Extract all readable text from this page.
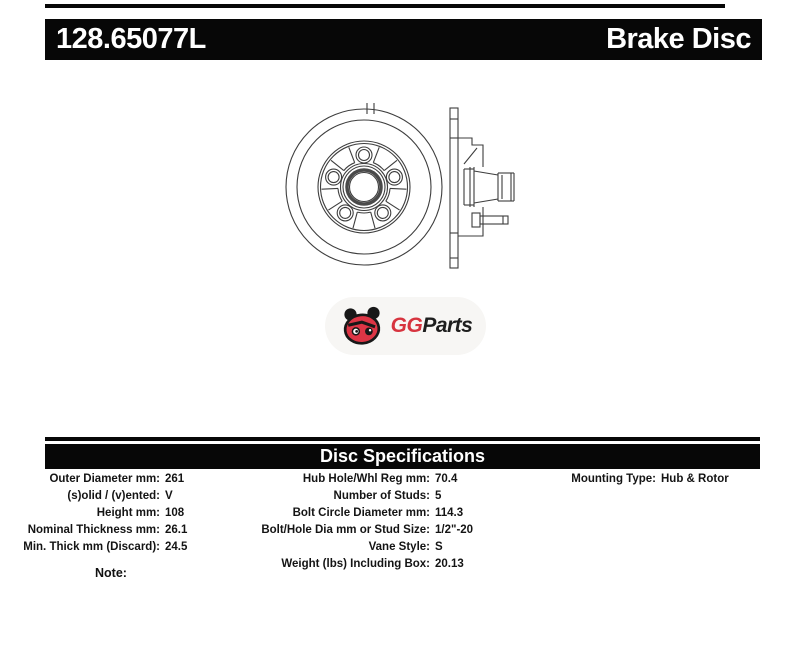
128.65077L	Brake Disc
GGParts
Disc Specifications
Outer Diameter mm: 261
(s)olid / (v)ented: V
Height mm: 108
Nominal Thickness mm: 26.1
Min. Thick mm (Discard): 24.5
Hub Hole/Whl Reg mm: 70.4
Number of Studs: 5
Bolt Circle Diameter mm: 114.3
Bolt/Hole Dia mm or Stud Size: 1/2"-20
Vane Style: S
Weight (lbs) Including Box: 20.13
Mounting Type: Hub & Rotor
Note:
